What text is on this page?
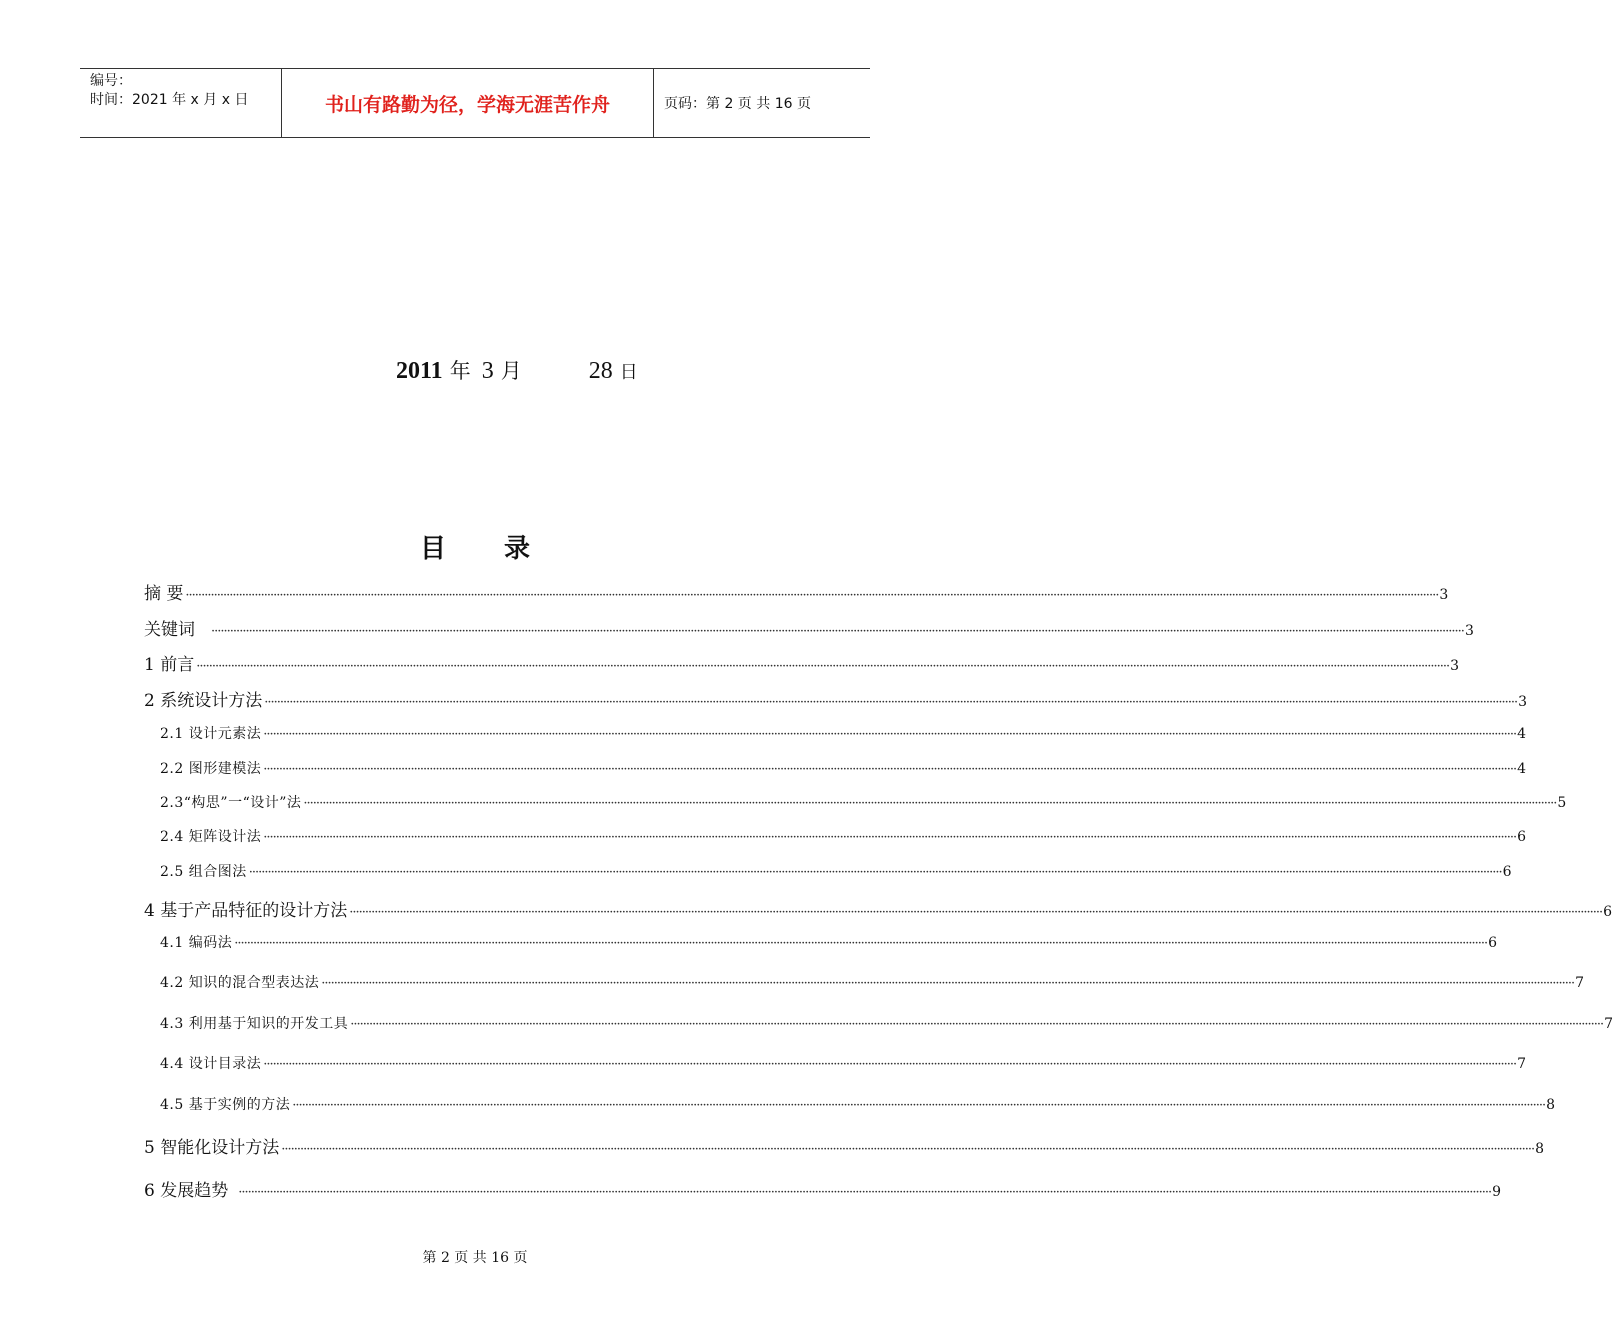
编号：
时间：2021 年 x 月 x 日	书山有路勤为径，学海无涯苦作舟	页码：第 2 页 共 16 页
2011 年 3 月	28 日
目 录
摘 要 ················································································································································································································································································································································································································ 3
关键词	················································································································································································································································································································································································································ 3
1 前言 ················································································································································································································································································································································································································ 3
2 系统设计方法 ················································································································································································································································································································································································································ 3
2.1 设计元素法 ················································································································································································································································································································································································································ 4
2.2 图形建模法 ················································································································································································································································································································································································································ 4
2.3“构思”一“设计”法 ················································································································································································································································································································································································································ 5
2.4 矩阵设计法 ················································································································································································································································································································································································································ 6
2.5 组合图法 ················································································································································································································································································································································································································ 6
4 基于产品特征的设计方法 ················································································································································································································································································································································································································ 6
4.1 编码法 ················································································································································································································································································································································································································ 6
4.2 知识的混合型表达法 ················································································································································································································································································································································································································ 7
4.3 利用基于知识的开发工具 ················································································································································································································································································································································································································ 7
4.4 设计目录法 ················································································································································································································································································································································································································ 7
4.5 基于实例的方法 ················································································································································································································································································································································································································ 8
5 智能化设计方法 ················································································································································································································································································································································································································ 8
6 发展趋势 ················································································································································································································································································································································································································ 9
第 2 页 共 16 页
